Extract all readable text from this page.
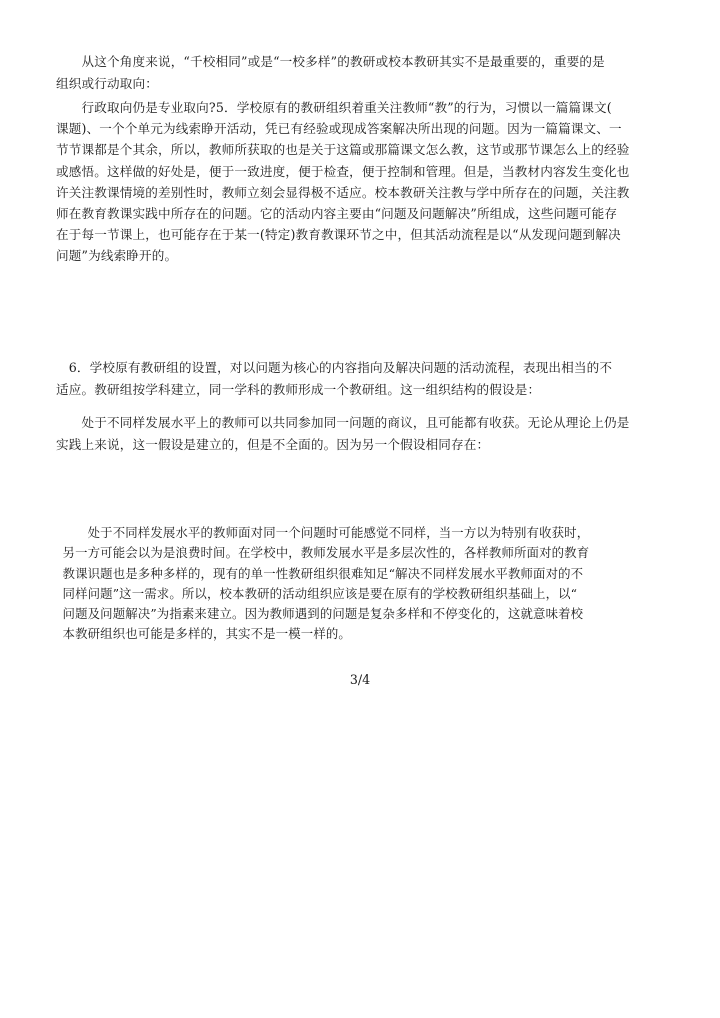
　　从这个角度来说，“千校相同”或是“一校多样”的教研或校本教研其实不是最重要的，重要的是
组织或行动取向：
　　行政取向仍是专业取向?5．学校原有的教研组织着重关注教师“教”的行为，习惯以一篇篇课文(
课题)、一个个单元为线索睁开活动，凭已有经验或现成答案解决所出现的问题。因为一篇篇课文、一
节节课都是个其余，所以，教师所获取的也是关于这篇或那篇课文怎么教，这节或那节课怎么上的经验
或感悟。这样做的好处是，便于一致进度，便于检查，便于控制和管理。但是，当教材内容发生变化也
许关注教课情境的差别性时，教师立刻会显得极不适应。校本教研关注教与学中所存在的问题，关注教
师在教育教课实践中所存在的问题。它的活动内容主要由“问题及问题解决”所组成，这些问题可能存
在于每一节课上，也可能存在于某一(特定)教育教课环节之中，但其活动流程是以“从发现问题到解决
问题”为线索睁开的。
　6．学校原有教研组的设置，对以问题为核心的内容指向及解决问题的活动流程，表现出相当的不
适应。教研组按学科建立，同一学科的教师形成一个教研组。这一组织结构的假设是：
　　处于不同样发展水平上的教师可以共同参加同一问题的商议，且可能都有收获。无论从理论上仍是
实践上来说，这一假设是建立的，但是不全面的。因为另一个假设相同存在：
　　　处于不同样发展水平的教师面对同一个问题时可能感觉不同样，当一方以为特别有收获时，
　另一方可能会以为是浪费时间。在学校中，教师发展水平是多层次性的，各样教师所面对的教育
　教课识题也是多种多样的，现有的单一性教研组织很难知足“解决不同样发展水平教师面对的不
　同样问题”这一需求。所以，校本教研的活动组织应该是要在原有的学校教研组织基础上，以“
　问题及问题解决”为指素来建立。因为教师遇到的问题是复杂多样和不停变化的，这就意味着校
　本教研组织也可能是多样的，其实不是一模一样的。
3/4
